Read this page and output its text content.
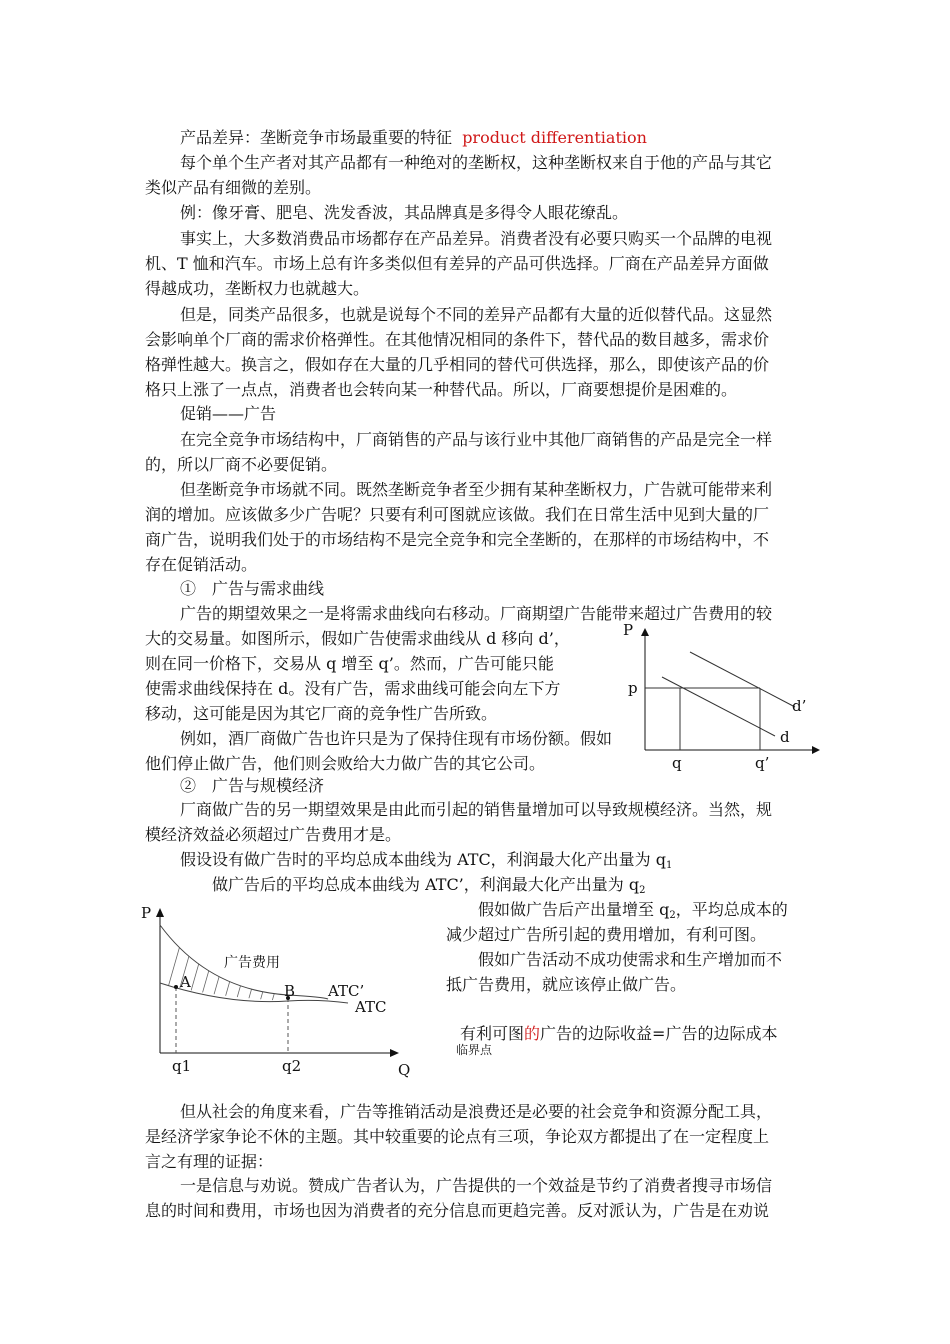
产品差异：垄断竞争市场最重要的特征 product differentiation
每个单个生产者对其产品都有一种绝对的垄断权，这种垄断权来自于他的产品与其它
类似产品有细微的差别。
例：像牙膏、肥皂、洗发香波，其品牌真是多得令人眼花缭乱。
事实上，大多数消费品市场都存在产品差异。消费者没有必要只购买一个品牌的电视
机、T 恤和汽车。市场上总有许多类似但有差异的产品可供选择。厂商在产品差异方面做
得越成功，垄断权力也就越大。
但是，同类产品很多，也就是说每个不同的差异产品都有大量的近似替代品。这显然
会影响单个厂商的需求价格弹性。在其他情况相同的条件下，替代品的数目越多，需求价
格弹性越大。换言之，假如存在大量的几乎相同的替代可供选择，那么，即使该产品的价
格只上涨了一点点，消费者也会转向某一种替代品。所以，厂商要想提价是困难的。
促销——广告
在完全竞争市场结构中，厂商销售的产品与该行业中其他厂商销售的产品是完全一样
的，所以厂商不必要促销。
但垄断竞争市场就不同。既然垄断竞争者至少拥有某种垄断权力，广告就可能带来利
润的增加。应该做多少广告呢？只要有利可图就应该做。我们在日常生活中见到大量的厂
商广告，说明我们处于的市场结构不是完全竞争和完全垄断的，在那样的市场结构中，不
存在促销活动。
①　广告与需求曲线
广告的期望效果之一是将需求曲线向右移动。厂商期望广告能带来超过广告费用的较
大的交易量。如图所示，假如广告使需求曲线从 d 移向 d’，
则在同一价格下，交易从 q 增至 q’。然而，广告可能只能
使需求曲线保持在 d。没有广告，需求曲线可能会向左下方
移动，这可能是因为其它厂商的竞争性广告所致。
例如，酒厂商做广告也许只是为了保持住现有市场份额。假如
他们停止做广告，他们则会败给大力做广告的其它公司。
P
p
d’
d
q	q’
②　广告与规模经济
厂商做广告的另一期望效果是由此而引起的销售量增加可以导致规模经济。当然，规
模经济效益必须超过广告费用才是。
假设设有做广告时的平均总成本曲线为 ATC，利润最大化产出量为 q1
做广告后的平均总成本曲线为 ATC’，利润最大化产出量为 q2
P
广告费用
A	B ATC’
ATC
q1	q2	Q
假如做广告后产出量增至 q2，平均总成本的
减少超过广告所引起的费用增加，有利可图。
假如广告活动不成功使需求和生产增加而不
抵广告费用，就应该停止做广告。
有利可图的广告的边际收益=广告的边际成本
临界点
但从社会的角度来看，广告等推销活动是浪费还是必要的社会竞争和资源分配工具，
是经济学家争论不休的主题。其中较重要的论点有三项，争论双方都提出了在一定程度上
言之有理的证据：
一是信息与劝说。赞成广告者认为，广告提供的一个效益是节约了消费者搜寻市场信
息的时间和费用，市场也因为消费者的充分信息而更趋完善。反对派认为，广告是在劝说
